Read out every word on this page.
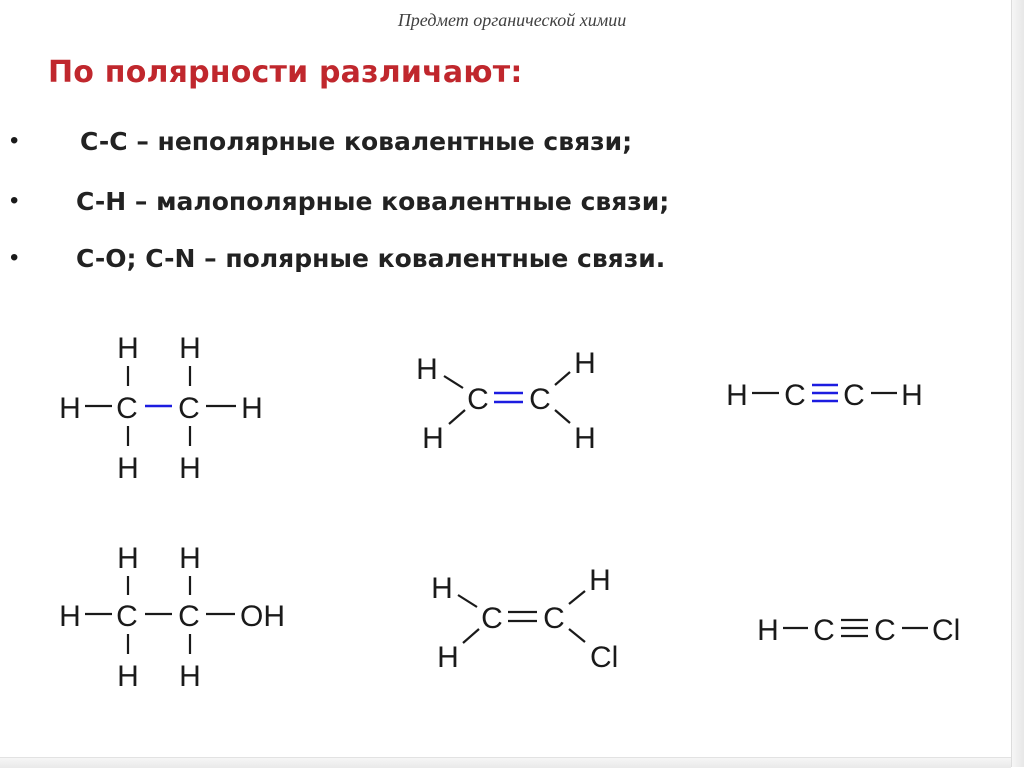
Предмет органической химии
По полярности различают:
• C-C – неполярные ковалентные связи;
• C-H – малополярные ковалентные связи;
• C-O; C-N – полярные ковалентные связи.
H H
H C C H
H H
H
H
C C
H
H
H C C H
H H
H C C OH
H H
H
H
C C
H
Cl
H C C Cl
